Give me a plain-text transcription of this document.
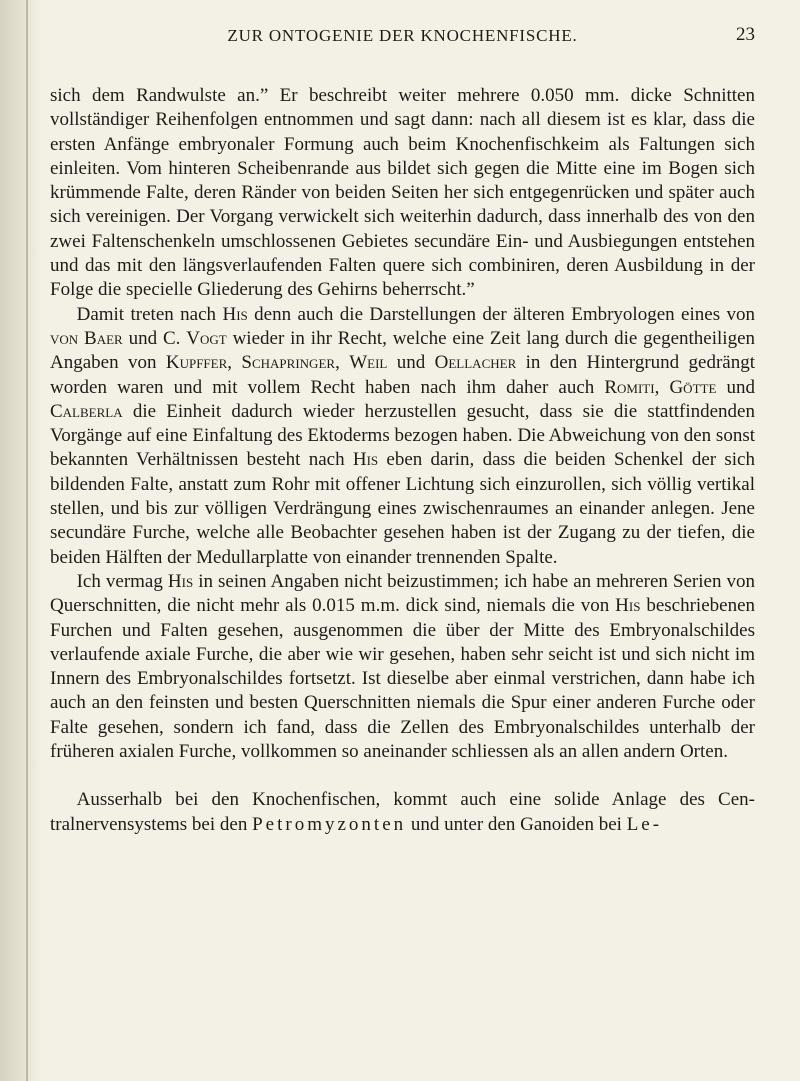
ZUR ONTOGENIE DER KNOCHENFISCHE.	23

sich dem Randwulste an.” Er beschreibt weiter mehrere 0.050 mm. dicke Schnitten vollständiger Reihenfolgen entnommen und sagt dann: nach all diesem ist es klar, dass die ersten Anfänge embryonaler Formung auch beim Knochenfischkeim als Faltungen sich einleiten. Vom hinteren Scheibenrande aus bildet sich gegen die Mitte eine im Bogen sich krümmende Falte, deren Ränder von beiden Seiten her sich entgegenrücken und später auch sich vereinigen. Der Vorgang verwickelt sich weiterhin dadurch, dass innerhalb des von den zwei Faltenschenkeln umschlossenen Gebietes secundäre Ein- und Ausbiegungen entstehen und das mit den längsverlaufenden Falten quere sich combiniren, deren Ausbildung in der Folge die specielle Gliederung des Gehirns beherrscht.”

Damit treten nach His denn auch die Darstellungen der älteren Embryologen eines von von Baer und C. Vogt wieder in ihr Recht, welche eine Zeit lang durch die gegentheiligen Angaben von Kupffer, Schapringer, Weil und Oellacher in den Hintergrund gedrängt worden waren und mit vollem Recht haben nach ihm daher auch Romiti, Götte und Calberla die Einheit dadurch wieder herzustellen gesucht, dass sie die stattfindenden Vorgänge auf eine Einfaltung des Ektoderms bezogen haben. Die Abweichung von den sonst bekannten Verhältnissen besteht nach His eben darin, dass die beiden Schenkel der sich bildenden Falte, anstatt zum Rohr mit offener Lichtung sich einzurollen, sich völlig vertikal stellen, und bis zur völligen Verdrängung eines zwischenraumes an einander anlegen. Jene secundäre Furche, welche alle Beobachter gesehen haben ist der Zugang zu der tiefen, die beiden Hälften der Medullarplatte von einander trennenden Spalte.

Ich vermag His in seinen Angaben nicht beizustimmen; ich habe an mehreren Serien von Querschnitten, die nicht mehr als 0.015 m.m. dick sind, niemals die von His beschriebenen Furchen und Falten gesehen, ausgenommen die über der Mitte des Embryonalschildes verlaufende axiale Furche, die aber wie wir gesehen, haben sehr seicht ist und sich nicht im Innern des Embryonalschildes fortsetzt. Ist dieselbe aber einmal verstrichen, dann habe ich auch an den feinsten und besten Querschnitten niemals die Spur einer anderen Furche oder Falte gesehen, sondern ich fand, dass die Zellen des Embryonalschildes unterhalb der früheren axialen Furche, vollkommen so aneinander schliessen als an allen andern Orten.

Ausserhalb bei den Knochenfischen, kommt auch eine solide Anlage des Centralnervensystems bei den Petromyzonten und unter den Ganoiden bei Le-
